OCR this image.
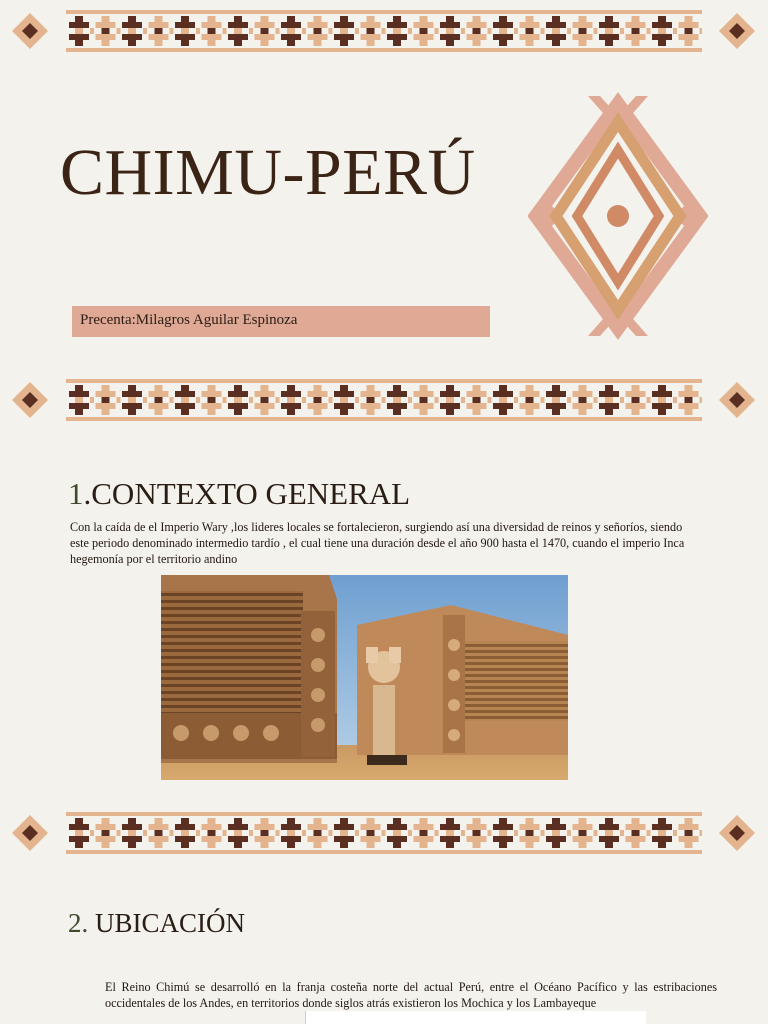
CHIMU-PERÚ
Precenta:Milagros Aguilar Espinoza
1.CONTEXTO GENERAL
Con la caída de el Imperio Wary ,los lideres locales se fortalecieron, surgiendo así una diversidad de reinos y señoríos, siendo este periodo denominado intermedio tardío , el cual tiene una duración desde el año 900 hasta el 1470, cuando el imperio Inca hegemonía por el territorio andino
2. UBICACIÓN
El Reino Chimú se desarrolló en la franja costeña norte del actual Perú, entre el Océano Pacífico y las estribaciones occidentales de los Andes, en territorios donde siglos atrás existieron los Mochica y los Lambayeque
